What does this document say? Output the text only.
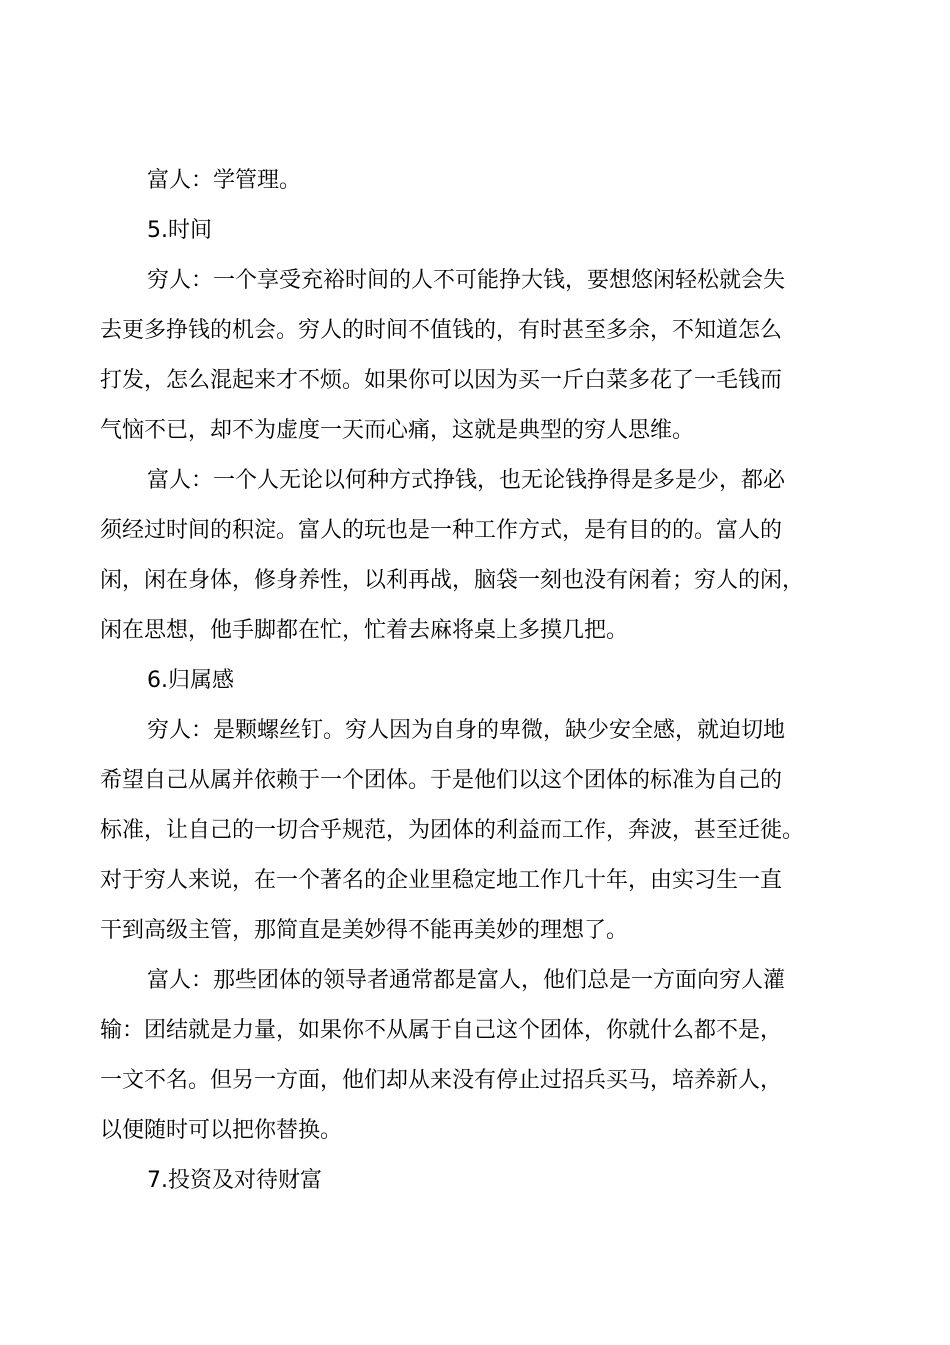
富人：学管理。

5.时间

穷人：一个享受充裕时间的人不可能挣大钱，要想悠闲轻松就会失

去更多挣钱的机会。穷人的时间不值钱的，有时甚至多余，不知道怎么

打发，怎么混起来才不烦。如果你可以因为买一斤白菜多花了一毛钱而

气恼不已，却不为虚度一天而心痛，这就是典型的穷人思维。

富人：一个人无论以何种方式挣钱，也无论钱挣得是多是少，都必

须经过时间的积淀。富人的玩也是一种工作方式，是有目的的。富人的

闲，闲在身体，修身养性，以利再战，脑袋一刻也没有闲着；穷人的闲，

闲在思想，他手脚都在忙，忙着去麻将桌上多摸几把。

6.归属感

穷人：是颗螺丝钉。穷人因为自身的卑微，缺少安全感，就迫切地

希望自己从属并依赖于一个团体。于是他们以这个团体的标准为自己的

标准，让自己的一切合乎规范，为团体的利益而工作，奔波，甚至迁徙。

对于穷人来说，在一个著名的企业里稳定地工作几十年，由实习生一直

干到高级主管，那简直是美妙得不能再美妙的理想了。

富人：那些团体的领导者通常都是富人，他们总是一方面向穷人灌

输：团结就是力量，如果你不从属于自己这个团体，你就什么都不是，

一文不名。但另一方面，他们却从来没有停止过招兵买马，培养新人，

以便随时可以把你替换。

7.投资及对待财富
